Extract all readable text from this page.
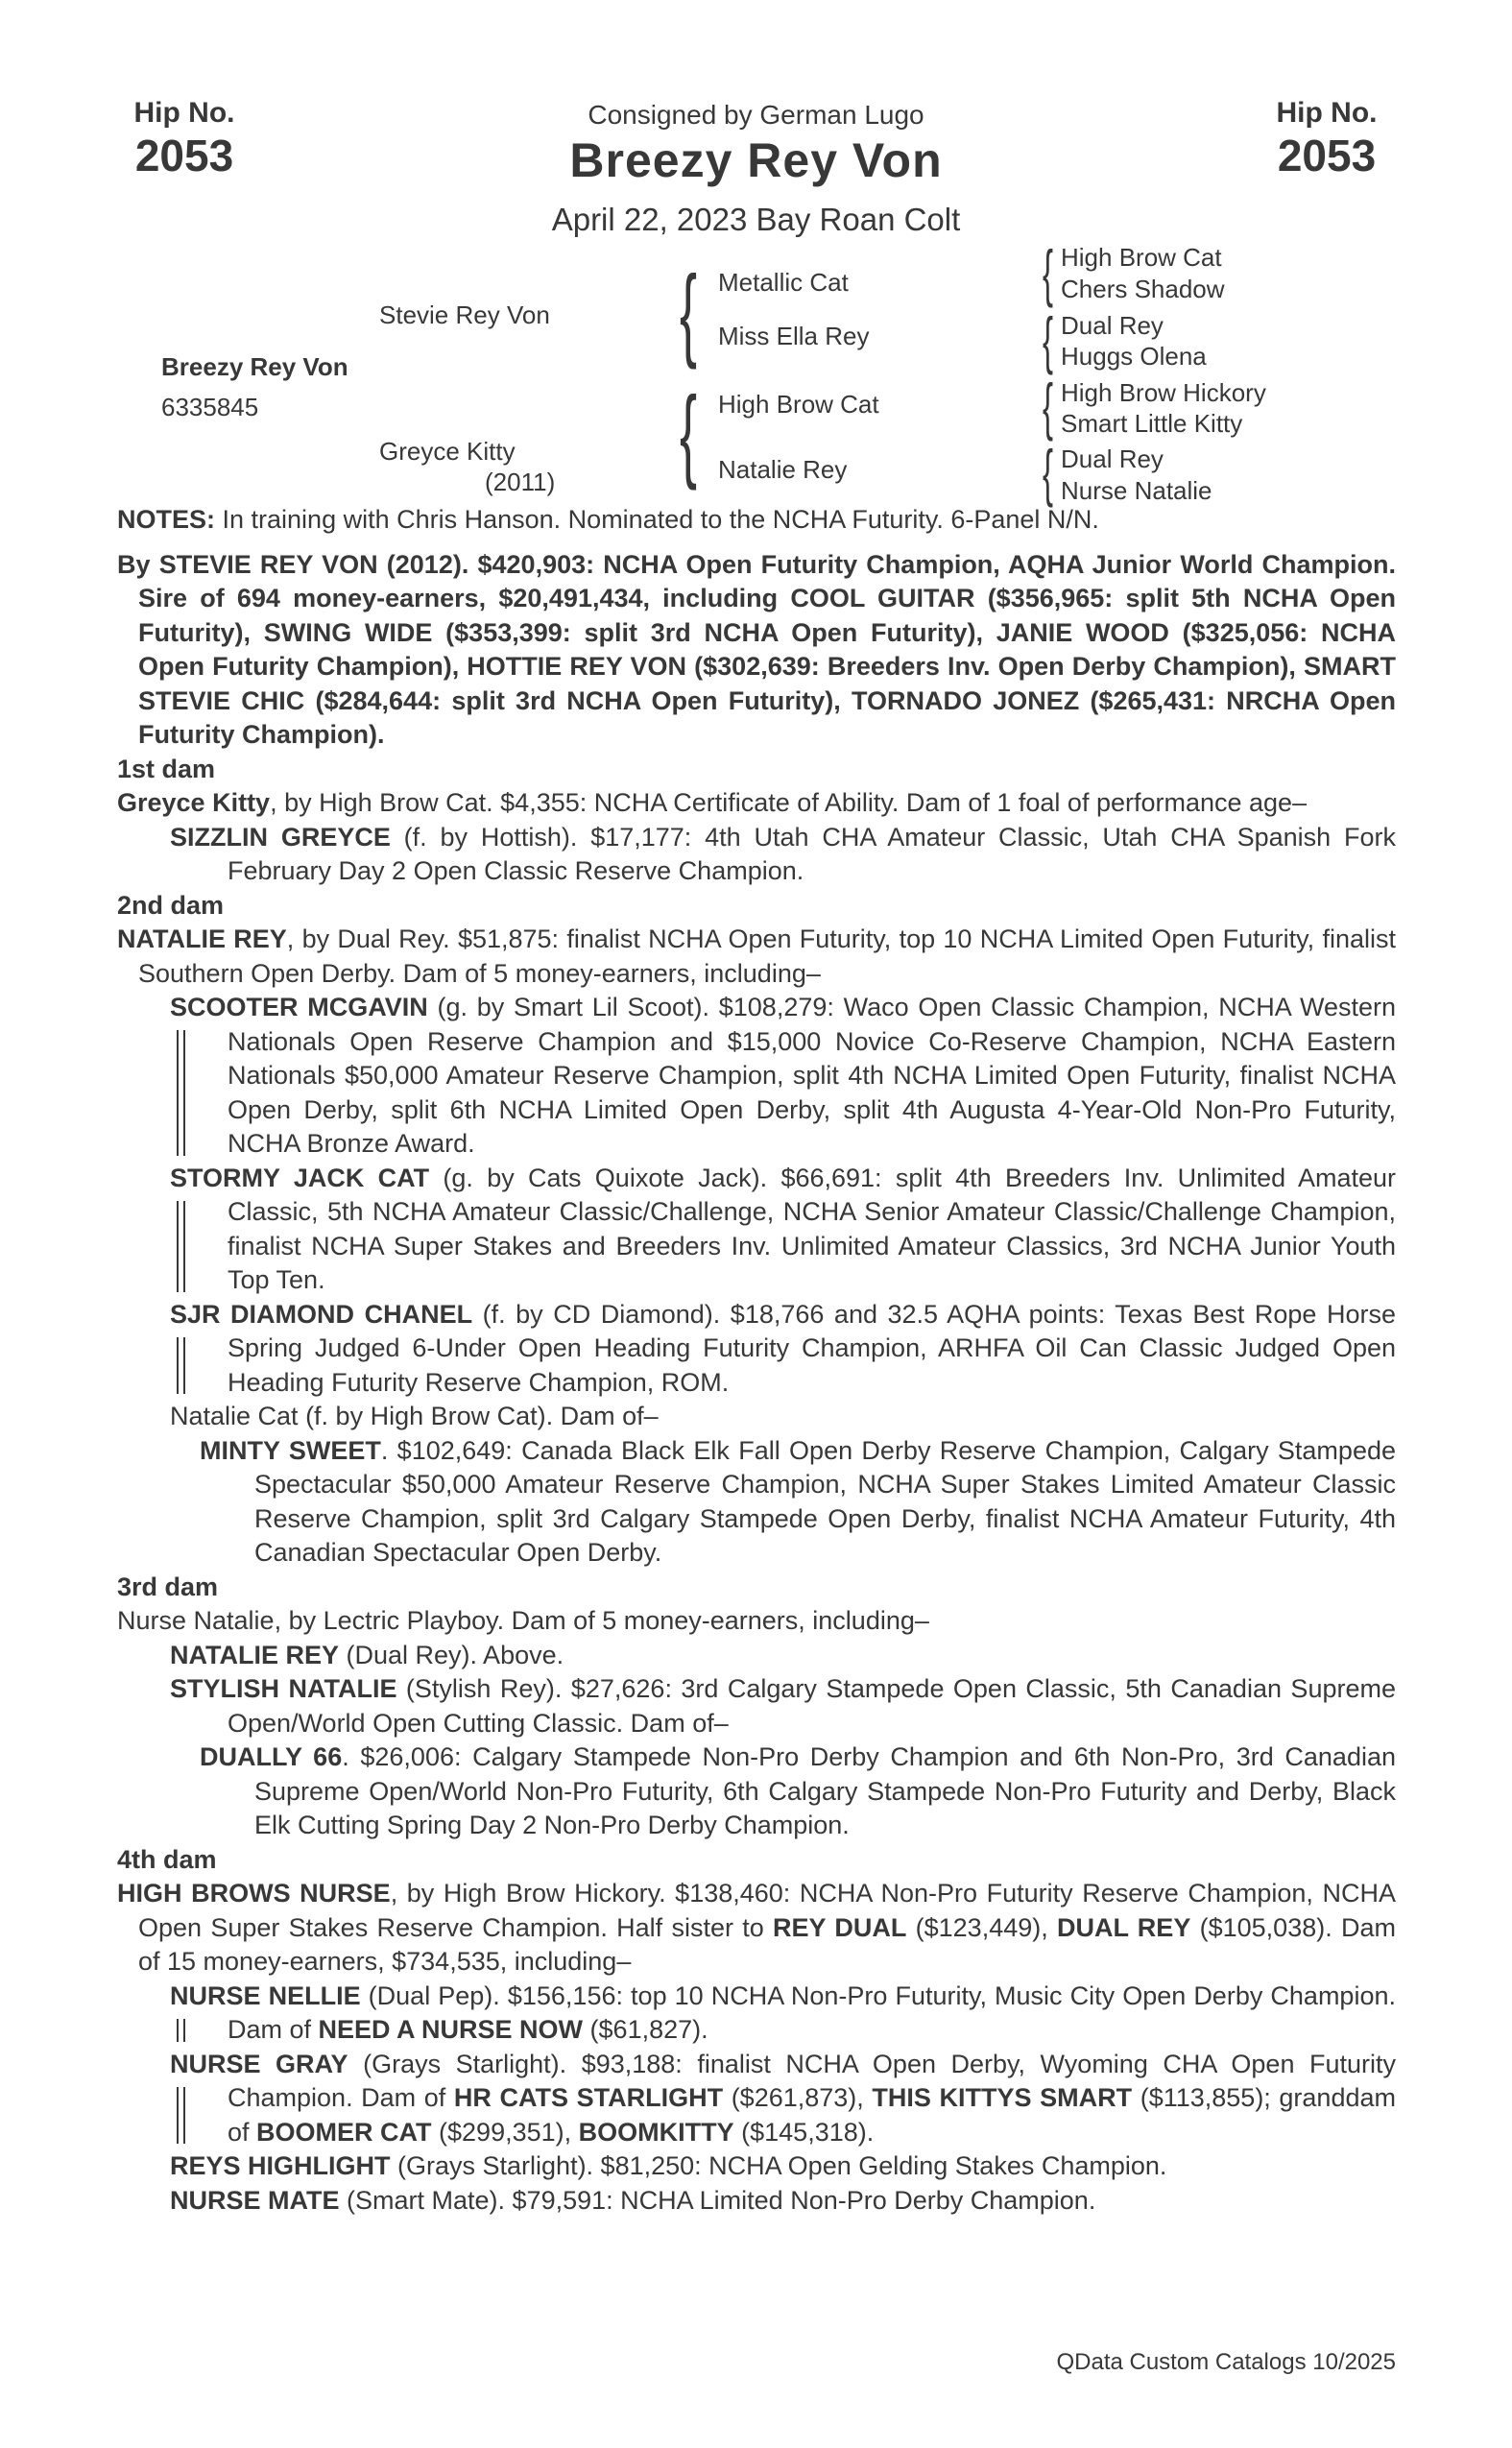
Hip No.
2053
Hip No.
2053
Consigned by German Lugo
Breezy Rey Von
April 22, 2023 Bay Roan Colt
Breezy Rey Von
6335845
Stevie Rey Von
Greyce Kitty
(2011)
{
{
Metallic Cat
Miss Ella Rey
High Brow Cat
Natalie Rey
{
{
{
{
High Brow Cat
Chers Shadow
Dual Rey
Huggs Olena
High Brow Hickory
Smart Little Kitty
Dual Rey
Nurse Natalie
NOTES: In training with Chris Hanson. Nominated to the NCHA Futurity. 6-Panel N/N.
By STEVIE REY VON (2012). $420,903: NCHA Open Futurity Champion, AQHA Junior World Champion. Sire of 694 money-earners, $20,491,434, including COOL GUITAR ($356,965: split 5th NCHA Open Futurity), SWING WIDE ($353,399: split 3rd NCHA Open Futurity), JANIE WOOD ($325,056: NCHA Open Futurity Champion), HOTTIE REY VON ($302,639: Breeders Inv. Open Derby Champion), SMART STEVIE CHIC ($284,644: split 3rd NCHA Open Futurity), TORNADO JONEZ ($265,431: NRCHA Open Futurity Champion).
1st dam
Greyce Kitty, by High Brow Cat. $4,355: NCHA Certificate of Ability. Dam of 1 foal of performance age–
SIZZLIN GREYCE (f. by Hottish). $17,177: 4th Utah CHA Amateur Classic, Utah CHA Spanish Fork February Day 2 Open Classic Reserve Champion.
2nd dam
NATALIE REY, by Dual Rey. $51,875: finalist NCHA Open Futurity, top 10 NCHA Limited Open Futurity, finalist Southern Open Derby. Dam of 5 money-earners, including–
SCOOTER MCGAVIN (g. by Smart Lil Scoot). $108,279: Waco Open Classic Champion, NCHA Western Nationals Open Reserve Champion and $15,000 Novice Co-Reserve Champion, NCHA Eastern Nationals $50,000 Amateur Reserve Champion, split 4th NCHA Limited Open Futurity, finalist NCHA Open Derby, split 6th NCHA Limited Open Derby, split 4th Augusta 4-Year-Old Non-Pro Futurity, NCHA Bronze Award.
STORMY JACK CAT (g. by Cats Quixote Jack). $66,691: split 4th Breeders Inv. Unlimited Amateur Classic, 5th NCHA Amateur Classic/Challenge, NCHA Senior Amateur Classic/Challenge Champion, finalist NCHA Super Stakes and Breeders Inv. Unlimited Amateur Classics, 3rd NCHA Junior Youth Top Ten.
SJR DIAMOND CHANEL (f. by CD Diamond). $18,766 and 32.5 AQHA points: Texas Best Rope Horse Spring Judged 6-Under Open Heading Futurity Champion, ARHFA Oil Can Classic Judged Open Heading Futurity Reserve Champion, ROM.
Natalie Cat (f. by High Brow Cat). Dam of–
MINTY SWEET. $102,649: Canada Black Elk Fall Open Derby Reserve Champion, Calgary Stampede Spectacular $50,000 Amateur Reserve Champion, NCHA Super Stakes Limited Amateur Classic Reserve Champion, split 3rd Calgary Stampede Open Derby, finalist NCHA Amateur Futurity, 4th Canadian Spectacular Open Derby.
3rd dam
Nurse Natalie, by Lectric Playboy. Dam of 5 money-earners, including–
NATALIE REY (Dual Rey). Above.
STYLISH NATALIE (Stylish Rey). $27,626: 3rd Calgary Stampede Open Classic, 5th Canadian Supreme Open/World Open Cutting Classic. Dam of–
DUALLY 66. $26,006: Calgary Stampede Non-Pro Derby Champion and 6th Non-Pro, 3rd Canadian Supreme Open/World Non-Pro Futurity, 6th Calgary Stampede Non-Pro Futurity and Derby, Black Elk Cutting Spring Day 2 Non-Pro Derby Champion.
4th dam
HIGH BROWS NURSE, by High Brow Hickory. $138,460: NCHA Non-Pro Futurity Reserve Champion, NCHA Open Super Stakes Reserve Champion. Half sister to REY DUAL ($123,449), DUAL REY ($105,038). Dam of 15 money-earners, $734,535, including–
NURSE NELLIE (Dual Pep). $156,156: top 10 NCHA Non-Pro Futurity, Music City Open Derby Champion. Dam of NEED A NURSE NOW ($61,827).
NURSE GRAY (Grays Starlight). $93,188: finalist NCHA Open Derby, Wyoming CHA Open Futurity Champion. Dam of HR CATS STARLIGHT ($261,873), THIS KITTYS SMART ($113,855); granddam of BOOMER CAT ($299,351), BOOMKITTY ($145,318).
REYS HIGHLIGHT (Grays Starlight). $81,250: NCHA Open Gelding Stakes Champion.
NURSE MATE (Smart Mate). $79,591: NCHA Limited Non-Pro Derby Champion.
QData Custom Catalogs 10/2025
